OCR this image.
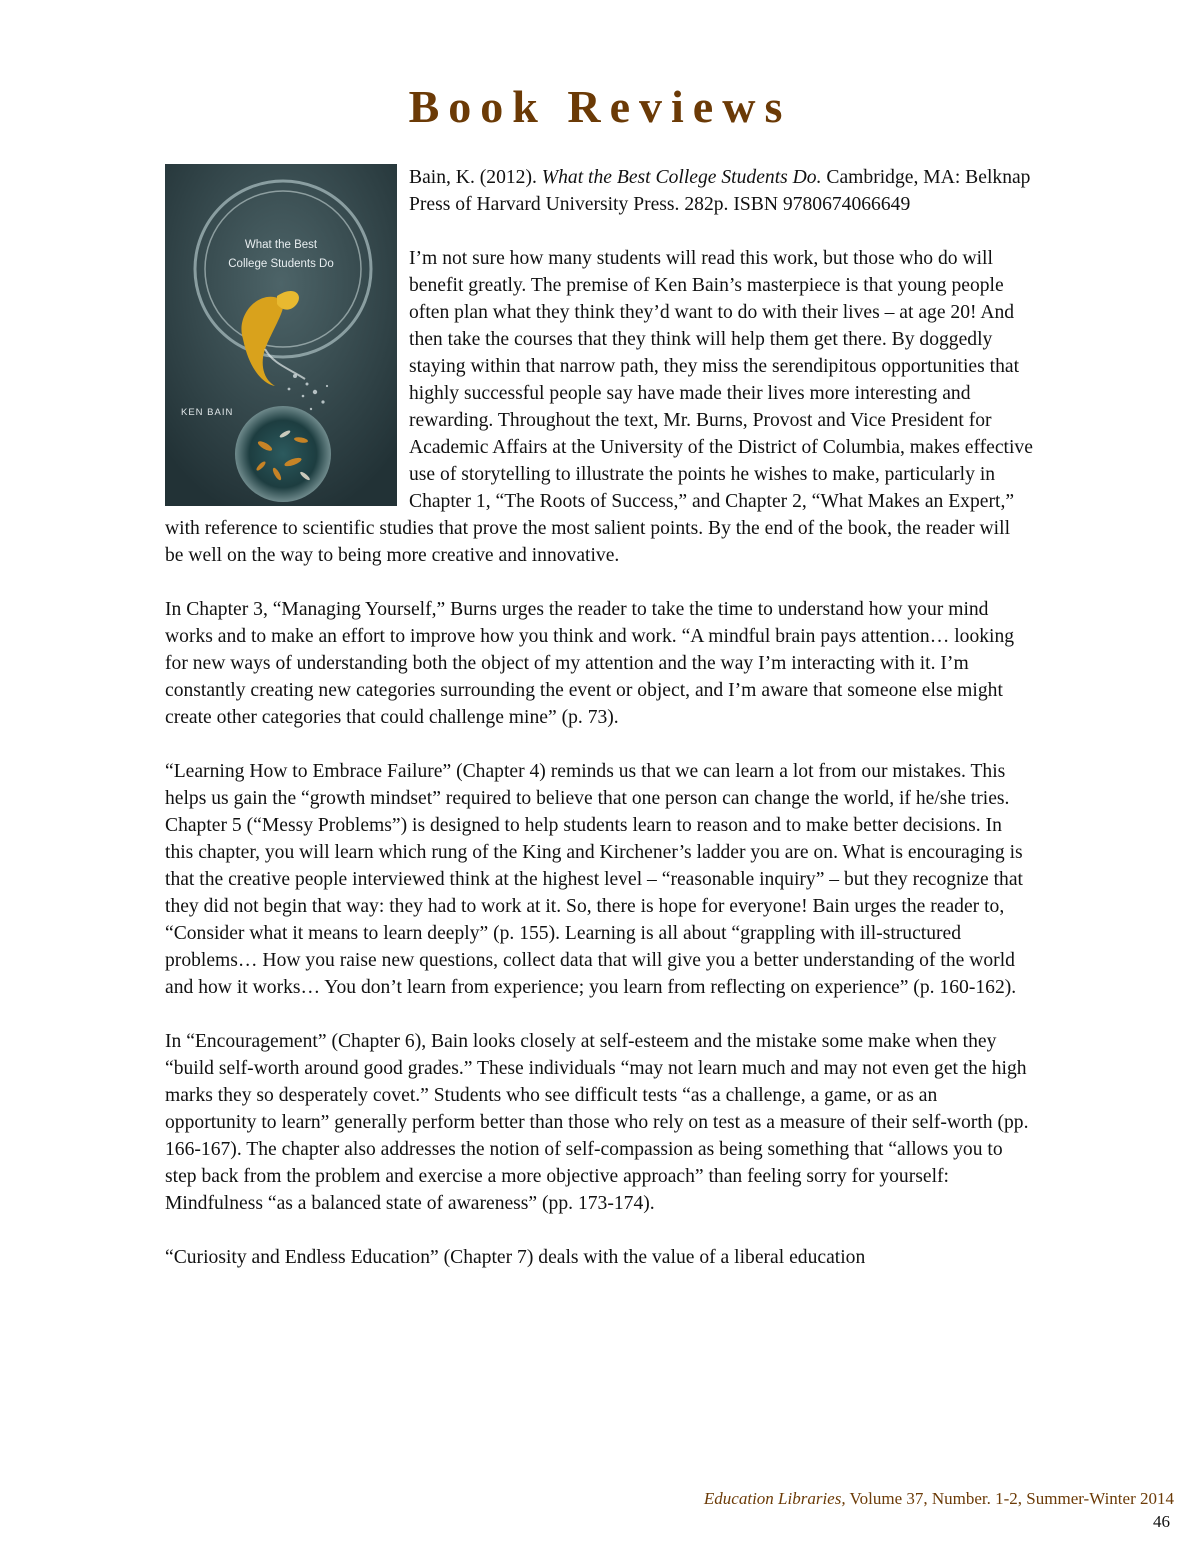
Book Reviews
What the Best
College Students Do
KEN BAIN
Bain, K. (2012). What the Best College Students Do. Cambridge, MA: Belknap Press of Harvard University Press. 282p. ISBN 9780674066649

I’m not sure how many students will read this work, but those who do will benefit greatly. The premise of Ken Bain’s masterpiece is that young people often plan what they think they’d want to do with their lives – at age 20! And then take the courses that they think will help them get there. By doggedly staying within that narrow path, they miss the serendipitous opportunities that highly successful people say have made their lives more interesting and rewarding. Throughout the text, Mr. Burns, Provost and Vice President for Academic Affairs at the University of the District of Columbia, makes effective use of storytelling to illustrate the points he wishes to make, particularly in Chapter 1, “The Roots of Success,” and Chapter 2, “What Makes an Expert,” with reference to scientific studies that prove the most salient points. By the end of the book, the reader will be well on the way to being more creative and innovative.

In Chapter 3, “Managing Yourself,” Burns urges the reader to take the time to understand how your mind works and to make an effort to improve how you think and work. “A mindful brain pays attention… looking for new ways of understanding both the object of my attention and the way I’m interacting with it. I’m constantly creating new categories surrounding the event or object, and I’m aware that someone else might create other categories that could challenge mine” (p. 73).

“Learning How to Embrace Failure” (Chapter 4) reminds us that we can learn a lot from our mistakes. This helps us gain the “growth mindset” required to believe that one person can change the world, if he/she tries. Chapter 5 (“Messy Problems”) is designed to help students learn to reason and to make better decisions. In this chapter, you will learn which rung of the King and Kirchener’s ladder you are on. What is encouraging is that the creative people interviewed think at the highest level – “reasonable inquiry” – but they recognize that they did not begin that way: they had to work at it. So, there is hope for everyone! Bain urges the reader to, “Consider what it means to learn deeply” (p. 155). Learning is all about “grappling with ill-structured problems… How you raise new questions, collect data that will give you a better understanding of the world and how it works… You don’t learn from experience; you learn from reflecting on experience” (p. 160-162).

In “Encouragement” (Chapter 6), Bain looks closely at self-esteem and the mistake some make when they “build self-worth around good grades.” These individuals “may not learn much and may not even get the high marks they so desperately covet.” Students who see difficult tests “as a challenge, a game, or as an opportunity to learn” generally perform better than those who rely on test as a measure of their self-worth (pp. 166-167). The chapter also addresses the notion of self-compassion as being something that “allows you to step back from the problem and exercise a more objective approach” than feeling sorry for yourself: Mindfulness “as a balanced state of awareness” (pp. 173-174).

“Curiosity and Endless Education” (Chapter 7) deals with the value of a liberal education

Education Libraries, Volume 37, Number. 1-2, Summer-Winter 2014
46
